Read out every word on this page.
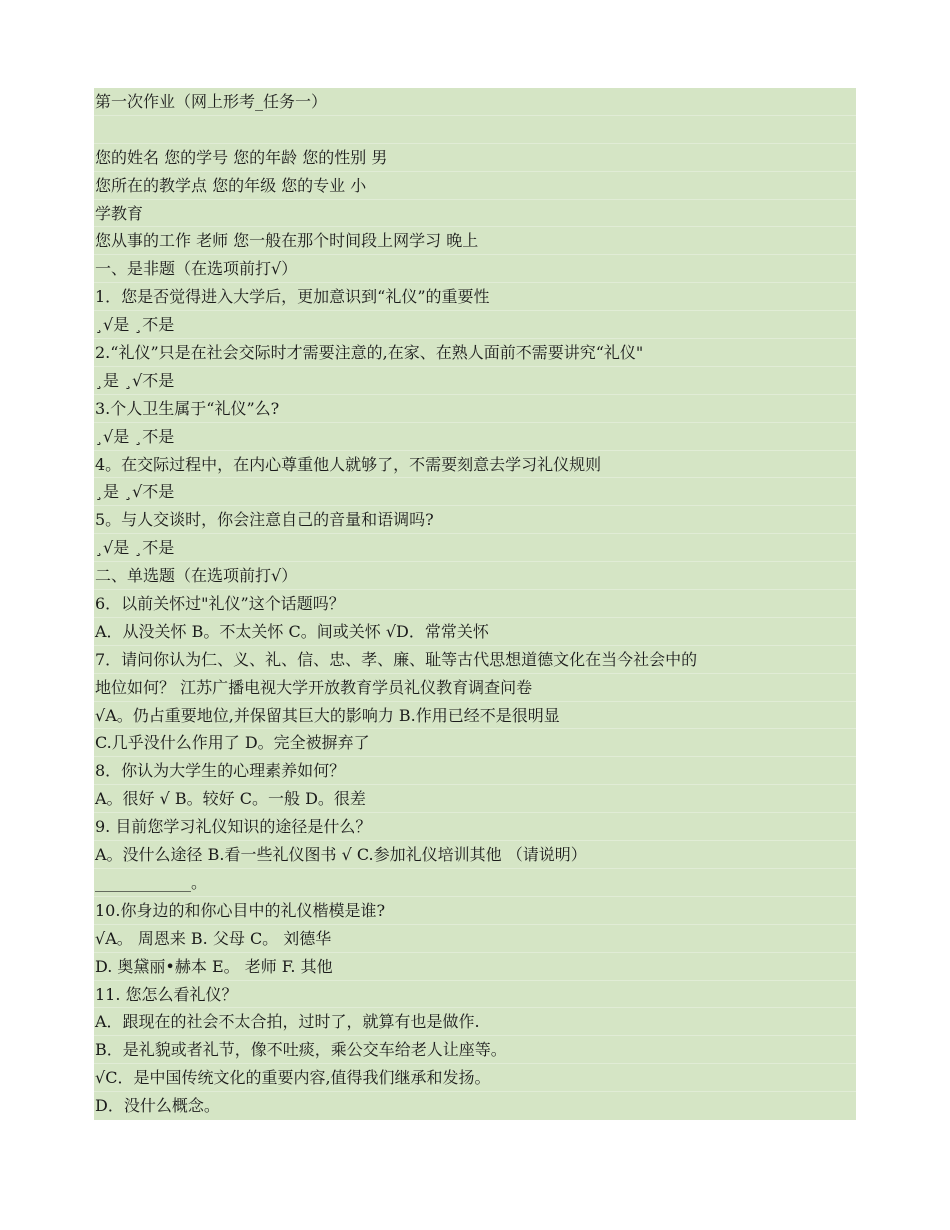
第一次作业（网上形考_任务一）
您的姓名 您的学号 您的年龄 您的性别 男
您所在的教学点 您的年级 您的专业 小
学教育
您从事的工作 老师 您一般在那个时间段上网学习 晚上
一、是非题（在选项前打√）
1．您是否觉得进入大学后，更加意识到“礼仪”的重要性
¸√是 ¸不是
2.“礼仪”只是在社会交际时才需要注意的,在家、在熟人面前不需要讲究“礼仪"
¸是 ¸√不是
3.个人卫生属于“礼仪”么?
¸√是 ¸不是
4。在交际过程中，在内心尊重他人就够了，不需要刻意去学习礼仪规则
¸是 ¸√不是
5。与人交谈时，你会注意自己的音量和语调吗?
¸√是 ¸不是
二、单选题（在选项前打√）
6．以前关怀过"礼仪”这个话题吗？
A．从没关怀 B。不太关怀 C。间或关怀 √D．常常关怀
7．请问你认为仁、义、礼、信、忠、孝、廉、耻等古代思想道德文化在当今社会中的
地位如何？ 江苏广播电视大学开放教育学员礼仪教育调查问卷
√A。仍占重要地位,并保留其巨大的影响力 B.作用已经不是很明显
C.几乎没什么作用了 D。完全被摒弃了
8．你认为大学生的心理素养如何？
A。很好 √ B。较好 C。一般 D。很差
9. 目前您学习礼仪知识的途径是什么？
A。没什么途径 B.看一些礼仪图书 √ C.参加礼仪培训其他 （请说明）
____________。
10.你身边的和你心目中的礼仪楷模是谁?
√A。 周恩来 B. 父母 C。 刘德华
D. 奥黛丽•赫本 E。 老师 F. 其他
11. 您怎么看礼仪？
A．跟现在的社会不太合拍，过时了，就算有也是做作.
B．是礼貌或者礼节，像不吐痰，乘公交车给老人让座等。
√C．是中国传统文化的重要内容,值得我们继承和发扬。
D．没什么概念。
